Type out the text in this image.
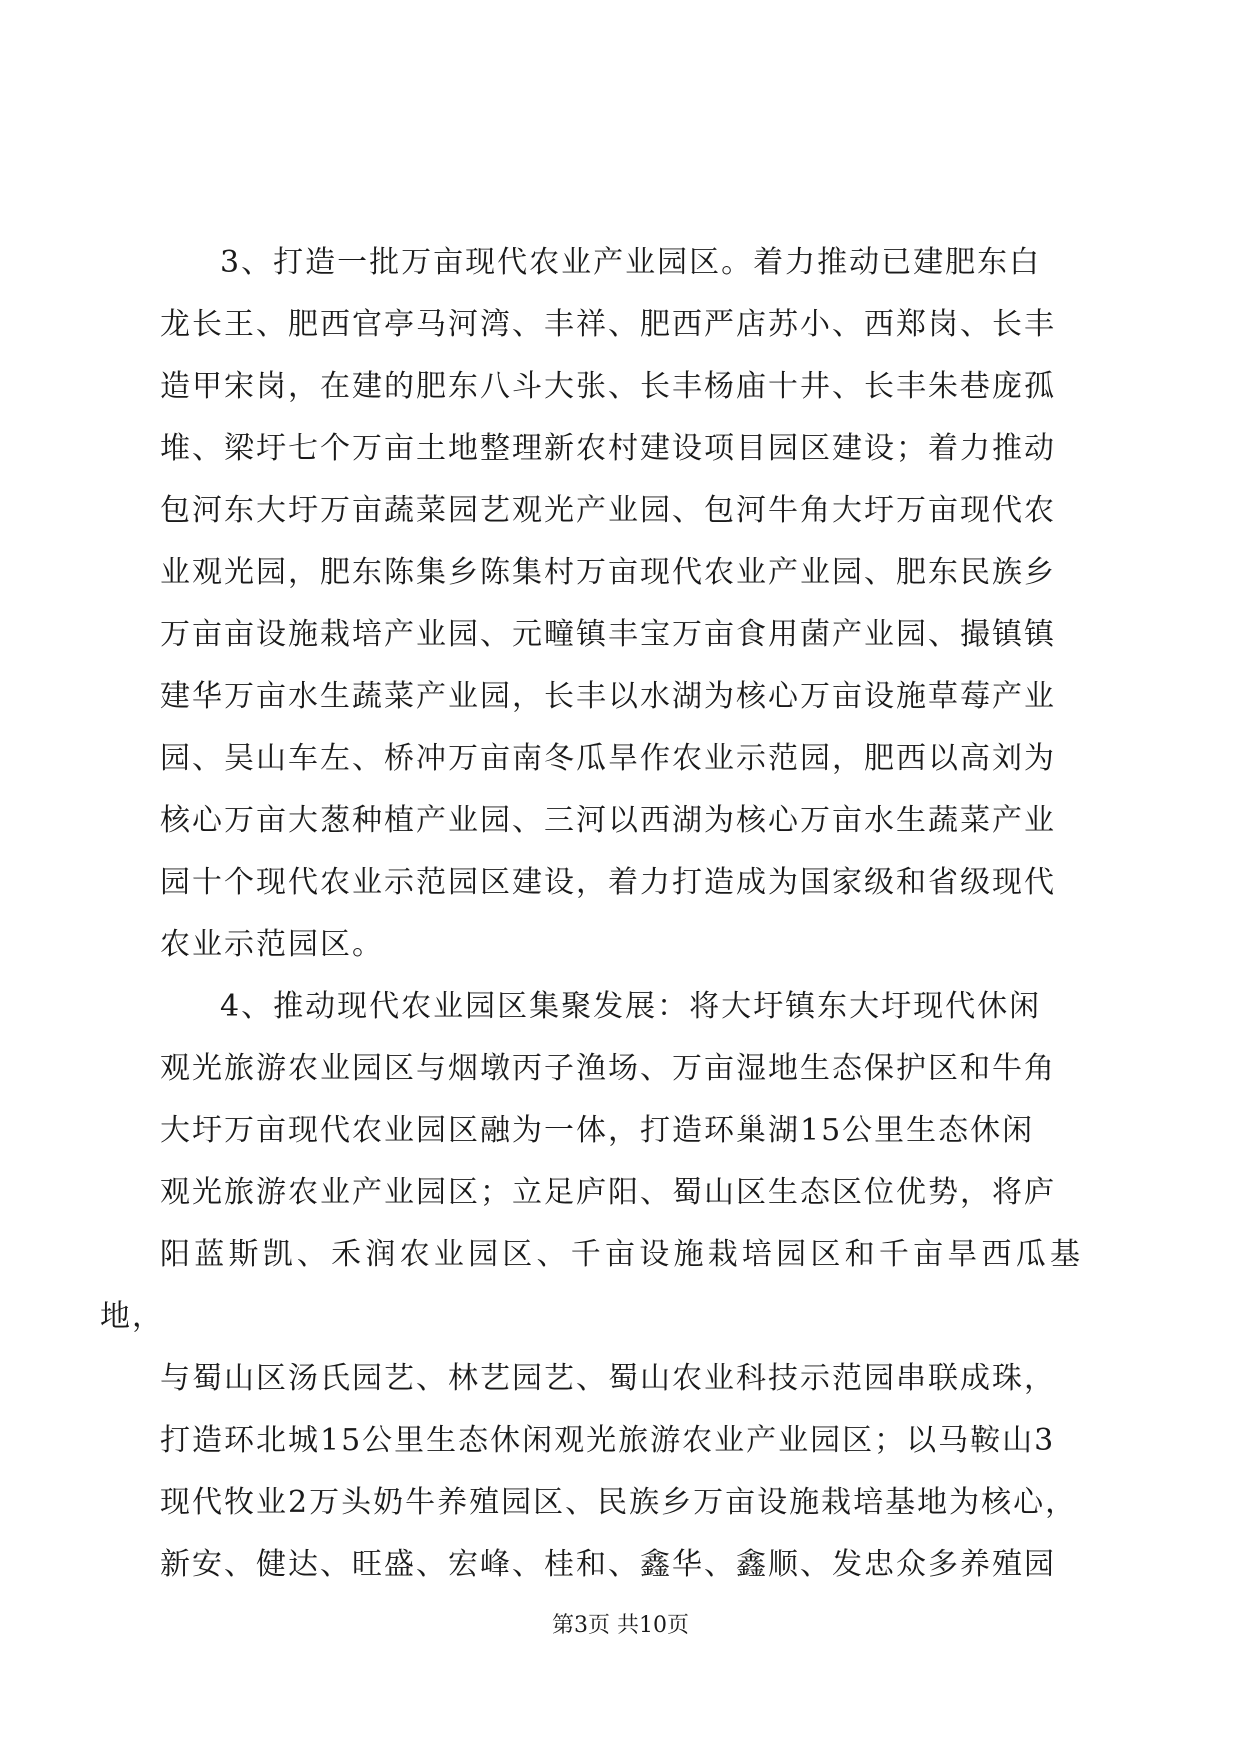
3、打造一批万亩现代农业产业园区。着力推动已建肥东白
龙长王、肥西官亭马河湾、丰祥、肥西严店苏小、西郑岗、长丰
造甲宋岗，在建的肥东八斗大张、长丰杨庙十井、长丰朱巷庞孤
堆、梁圩七个万亩土地整理新农村建设项目园区建设；着力推动
包河东大圩万亩蔬菜园艺观光产业园、包河牛角大圩万亩现代农
业观光园，肥东陈集乡陈集村万亩现代农业产业园、肥东民族乡
万亩亩设施栽培产业园、元疃镇丰宝万亩食用菌产业园、撮镇镇
建华万亩水生蔬菜产业园，长丰以水湖为核心万亩设施草莓产业
园、吴山车左、桥冲万亩南冬瓜旱作农业示范园，肥西以高刘为
核心万亩大葱种植产业园、三河以西湖为核心万亩水生蔬菜产业
园十个现代农业示范园区建设，着力打造成为国家级和省级现代
农业示范园区。

4、推动现代农业园区集聚发展：将大圩镇东大圩现代休闲
观光旅游农业园区与烟墩丙子渔场、万亩湿地生态保护区和牛角
大圩万亩现代农业园区融为一体，打造环巢湖15公里生态休闲
观光旅游农业产业园区；立足庐阳、蜀山区生态区位优势，将庐
阳蓝斯凯、禾润农业园区、千亩设施栽培园区和千亩旱西瓜基地，
与蜀山区汤氏园艺、林艺园艺、蜀山农业科技示范园串联成珠，
打造环北城15公里生态休闲观光旅游农业产业园区；以马鞍山3
现代牧业2万头奶牛养殖园区、民族乡万亩设施栽培基地为核心，
新安、健达、旺盛、宏峰、桂和、鑫华、鑫顺、发忠众多养殖园

第3页 共10页
